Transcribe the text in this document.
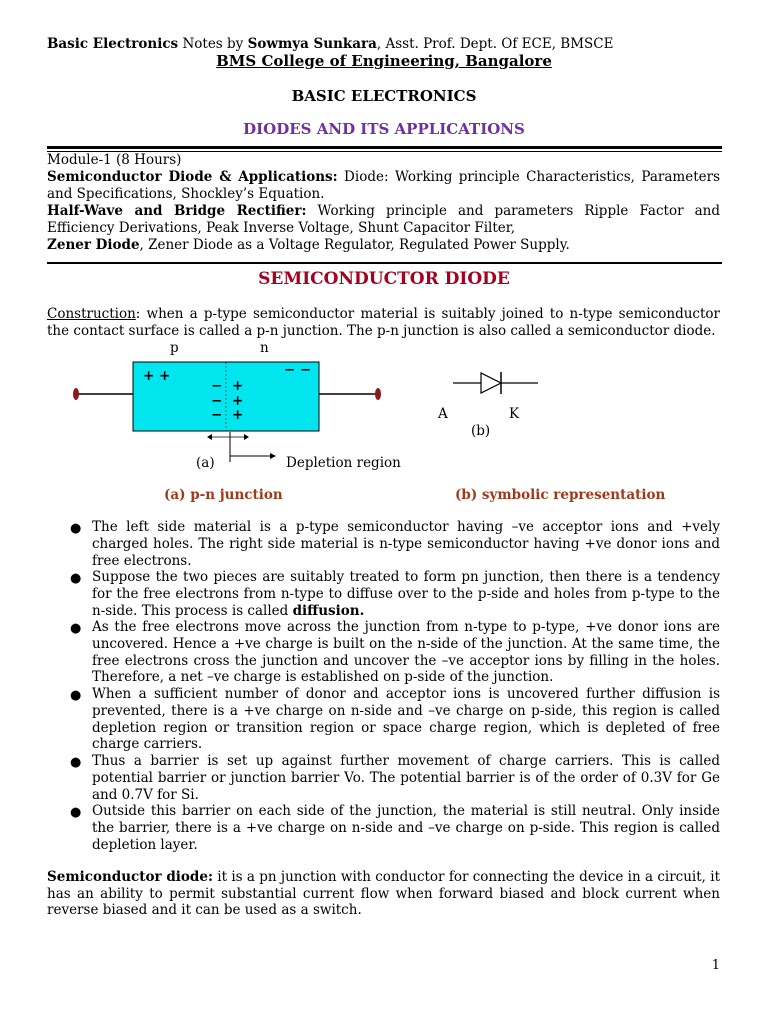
Basic Electronics Notes by Sowmya Sunkara, Asst. Prof. Dept. Of ECE, BMSCE
BMS College of Engineering, Bangalore
BASIC ELECTRONICS
DIODES AND ITS APPLICATIONS
Module-1 (8 Hours)
Semiconductor Diode & Applications: Diode: Working principle Characteristics, Parameters and Specifications, Shockley’s Equation.
Half-Wave and Bridge Rectifier: Working principle and parameters Ripple Factor and Efficiency Derivations, Peak Inverse Voltage, Shunt Capacitor Filter,
Zener Diode, Zener Diode as a Voltage Regulator, Regulated Power Supply.
SEMICONDUCTOR DIODE
Construction: when a p-type semiconductor material is suitably joined to n-type semiconductor the contact surface is called a p-n junction. The p-n junction is also called a semiconductor diode.
p	n
+ +	− −
−
−
−
+
+
+
(a)	Depletion region
A	K
(b)
(a) p-n junction	(b) symbolic representation
● The left side material is a p-type semiconductor having –ve acceptor ions and +vely charged holes. The right side material is n-type semiconductor having +ve donor ions and free electrons.
● Suppose the two pieces are suitably treated to form pn junction, then there is a tendency for the free electrons from n-type to diffuse over to the p-side and holes from p-type to the n-side. This process is called diffusion.
● As the free electrons move across the junction from n-type to p-type, +ve donor ions are uncovered. Hence a +ve charge is built on the n-side of the junction. At the same time, the free electrons cross the junction and uncover the –ve acceptor ions by filling in the holes. Therefore, a net –ve charge is established on p-side of the junction.
● When a sufficient number of donor and acceptor ions is uncovered further diffusion is prevented, there is a +ve charge on n-side and –ve charge on p-side, this region is called depletion region or transition region or space charge region, which is depleted of free charge carriers.
● Thus a barrier is set up against further movement of charge carriers. This is called potential barrier or junction barrier Vo. The potential barrier is of the order of 0.3V for Ge and 0.7V for Si.
● Outside this barrier on each side of the junction, the material is still neutral. Only inside the barrier, there is a +ve charge on n-side and –ve charge on p-side. This region is called depletion layer.
Semiconductor diode: it is a pn junction with conductor for connecting the device in a circuit, it has an ability to permit substantial current flow when forward biased and block current when reverse biased and it can be used as a switch.
1
